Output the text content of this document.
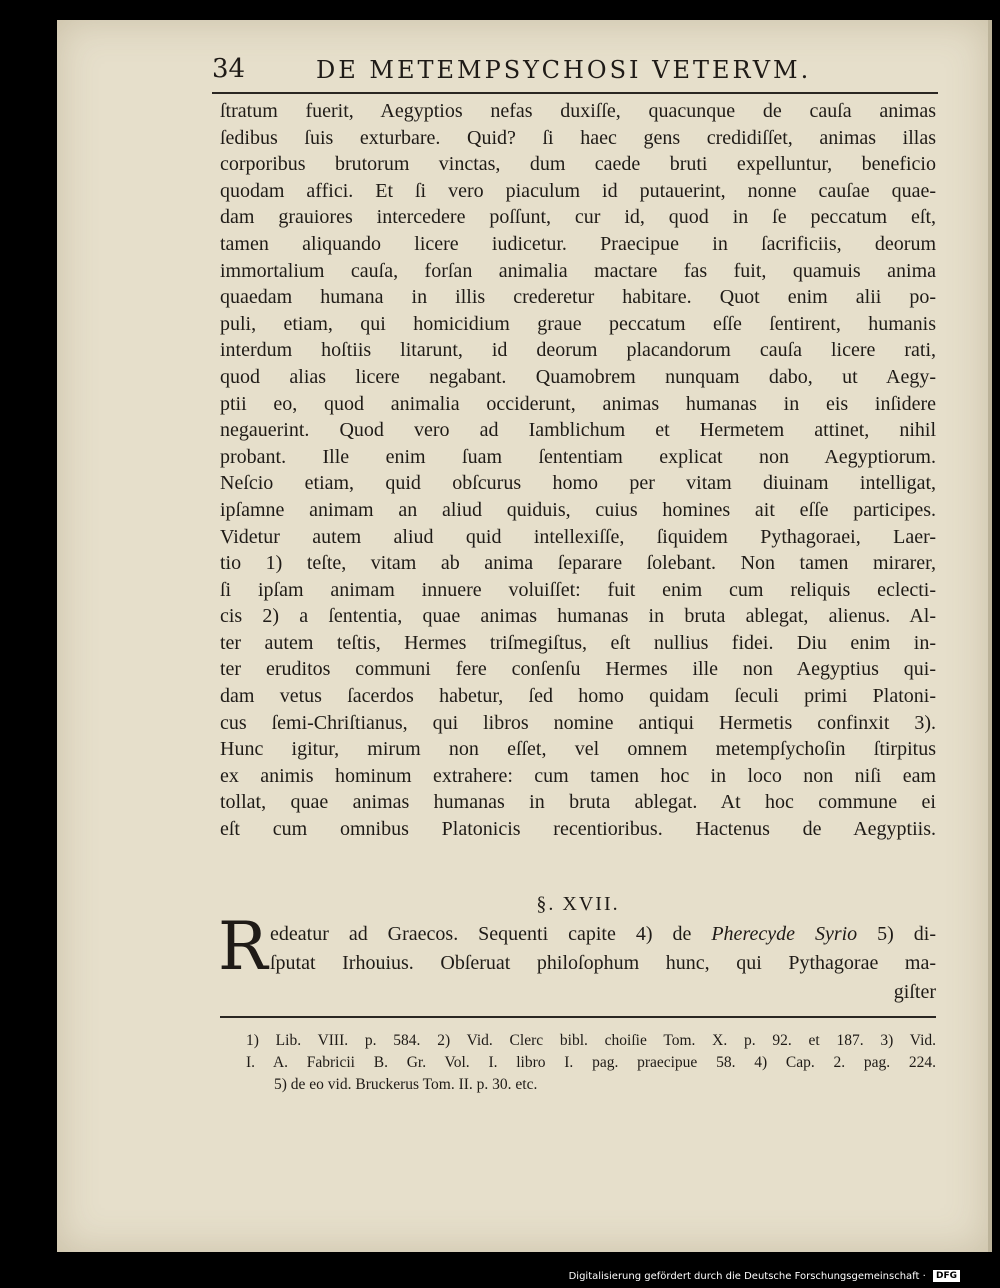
34	DE METEMPSYCHOSI VETERVM.
ſtratum fuerit, Aegyptios nefas duxiſſe, quacunque de cauſa animas
ſedibus ſuis exturbare. Quid? ſi haec gens credidiſſet, animas illas
corporibus brutorum vinctas, dum caede bruti expelluntur, beneficio
quodam affici. Et ſi vero piaculum id putauerint, nonne cauſae quae-
dam grauiores intercedere poſſunt, cur id, quod in ſe peccatum eſt,
tamen aliquando licere iudicetur. Praecipue in ſacrificiis, deorum
immortalium cauſa, forſan animalia mactare fas fuit, quamuis anima
quaedam humana in illis crederetur habitare. Quot enim alii po-
puli, etiam, qui homicidium graue peccatum eſſe ſentirent, humanis
interdum hoſtiis litarunt, id deorum placandorum cauſa licere rati,
quod alias licere negabant. Quamobrem nunquam dabo, ut Aegy-
ptii eo, quod animalia occiderunt, animas humanas in eis inſidere
negauerint. Quod vero ad Iamblichum et Hermetem attinet, nihil
probant. Ille enim ſuam ſententiam explicat non Aegyptiorum.
Neſcio etiam, quid obſcurus homo per vitam diuinam intelligat,
ipſamne animam an aliud quiduis, cuius homines ait eſſe participes.
Videtur autem aliud quid intellexiſſe, ſiquidem Pythagoraei, Laer-
tio 1) teſte, vitam ab anima ſeparare ſolebant. Non tamen mirarer,
ſi ipſam animam innuere voluiſſet: fuit enim cum reliquis eclecti-
cis 2) a ſententia, quae animas humanas in bruta ablegat, alienus. Al-
ter autem teſtis, Hermes triſmegiſtus, eſt nullius fidei. Diu enim in-
ter eruditos communi fere conſenſu Hermes ille non Aegyptius qui-
dam vetus ſacerdos habetur, ſed homo quidam ſeculi primi Platoni-
cus ſemi-Chriſtianus, qui libros nomine antiqui Hermetis confinxit 3).
Hunc igitur, mirum non eſſet, vel omnem metempſychoſin ſtirpitus
ex animis hominum extrahere: cum tamen hoc in loco non niſi eam
tollat, quae animas humanas in bruta ablegat. At hoc commune ei
eſt cum omnibus Platonicis recentioribus. Hactenus de Aegyptiis.
§. XVII.
R edeatur ad Graecos. Sequenti capite 4) de Pherecyde Syrio 5) di-
ſputat Irhouius. Obſeruat philoſophum hunc, qui Pythagorae ma-
giſter
1) Lib. VIII. p. 584. 2) Vid. Clerc bibl. choiſie Tom. X. p. 92. et 187. 3) Vid.
I. A. Fabricii B. Gr. Vol. I. libro I. pag. praecipue 58. 4) Cap. 2. pag. 224.
5) de eo vid. Bruckerus Tom. II. p. 30. etc.
Digitalisierung gefördert durch die Deutsche Forschungsgemeinschaft · DFG
